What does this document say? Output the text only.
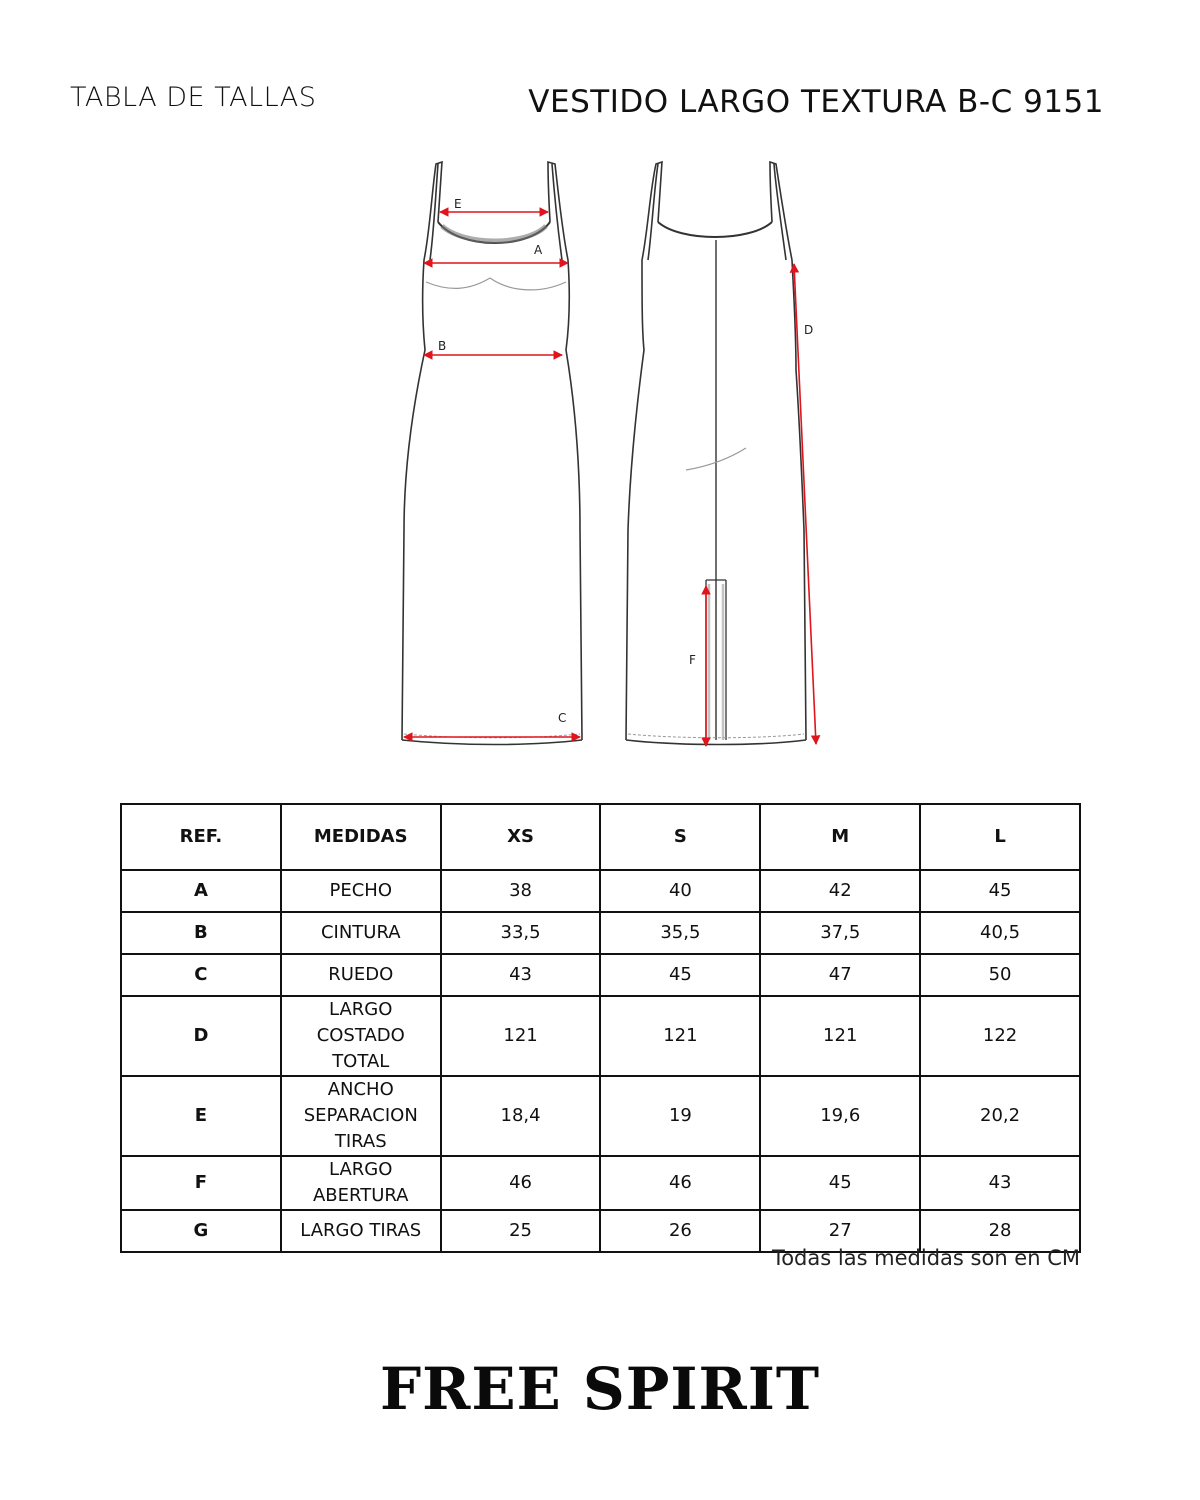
TABLA DE TALLAS	VESTIDO LARGO TEXTURA B-C 9151
E
A
B
C
D
F
REF.	MEDIDAS	XS	S	M	L
A	PECHO	38	40	42	45
B	CINTURA	33,5	35,5	37,5	40,5
C	RUEDO	43	45	47	50
D	LARGO COSTADO TOTAL	121	121	121	122
E	ANCHO SEPARACION TIRAS	18,4	19	19,6	20,2
F	LARGO ABERTURA	46	46	45	43
G	LARGO TIRAS	25	26	27	28
Todas las medidas son en CM
FREE SPIRIT
